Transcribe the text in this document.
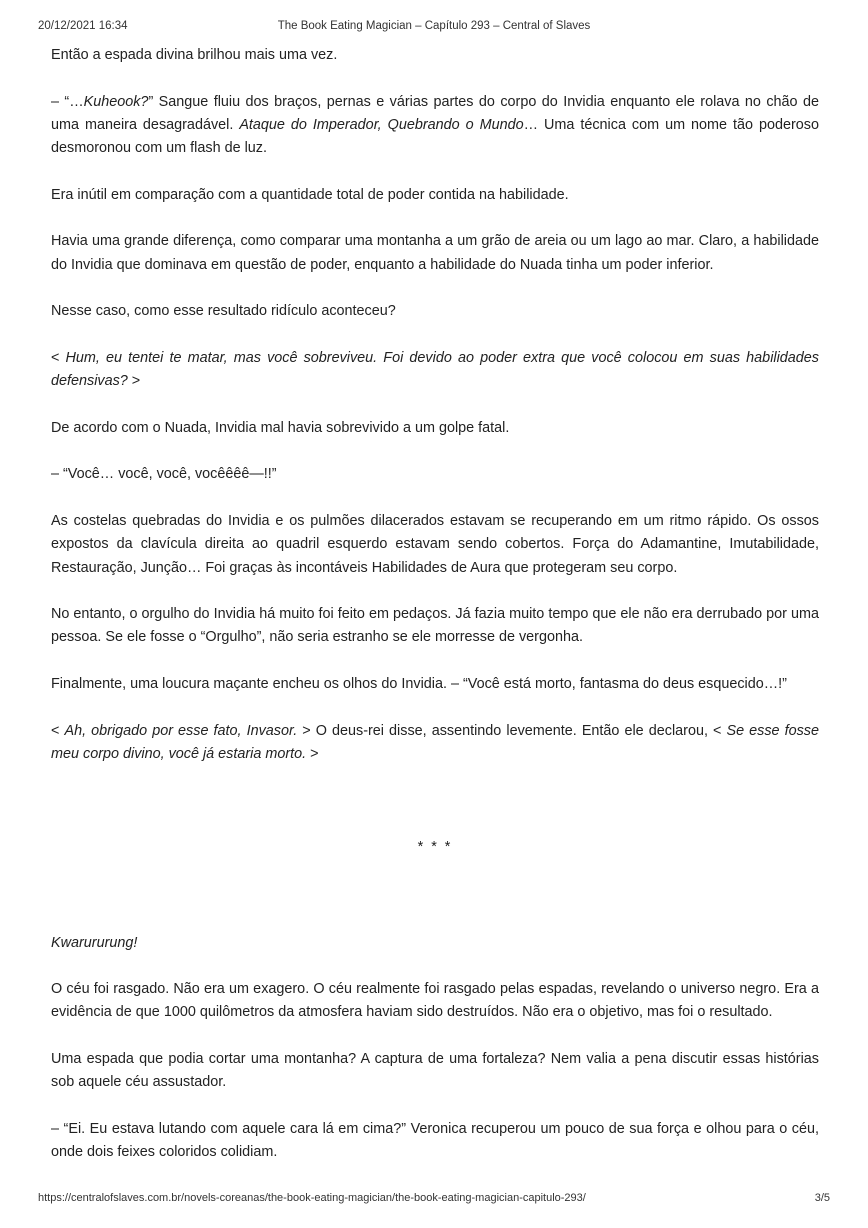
20/12/2021 16:34	The Book Eating Magician – Capítulo 293 – Central of Slaves

Então a espada divina brilhou mais uma vez.

– “…Kuheook?” Sangue fluiu dos braços, pernas e várias partes do corpo do Invidia enquanto ele rolava no chão de uma maneira desagradável. Ataque do Imperador, Quebrando o Mundo… Uma técnica com um nome tão poderoso desmoronou com um flash de luz.

Era inútil em comparação com a quantidade total de poder contida na habilidade.

Havia uma grande diferença, como comparar uma montanha a um grão de areia ou um lago ao mar. Claro, a habilidade do Invidia que dominava em questão de poder, enquanto a habilidade do Nuada tinha um poder inferior.

Nesse caso, como esse resultado ridículo aconteceu?

< Hum, eu tentei te matar, mas você sobreviveu. Foi devido ao poder extra que você colocou em suas habilidades defensivas? >

De acordo com o Nuada, Invidia mal havia sobrevivido a um golpe fatal.

– “Você… você, você, vocêêêê—!!”

As costelas quebradas do Invidia e os pulmões dilacerados estavam se recuperando em um ritmo rápido. Os ossos expostos da clavícula direita ao quadril esquerdo estavam sendo cobertos. Força do Adamantine, Imutabilidade, Restauração, Junção… Foi graças às incontáveis Habilidades de Aura que protegeram seu corpo.

No entanto, o orgulho do Invidia há muito foi feito em pedaços. Já fazia muito tempo que ele não era derrubado por uma pessoa. Se ele fosse o “Orgulho”, não seria estranho se ele morresse de vergonha.

Finalmente, uma loucura maçante encheu os olhos do Invidia. – “Você está morto, fantasma do deus esquecido…!”

< Ah, obrigado por esse fato, Invasor. > O deus-rei disse, assentindo levemente. Então ele declarou, < Se esse fosse meu corpo divino, você já estaria morto. >

* * *

Kwarururung!

O céu foi rasgado. Não era um exagero. O céu realmente foi rasgado pelas espadas, revelando o universo negro. Era a evidência de que 1000 quilômetros da atmosfera haviam sido destruídos. Não era o objetivo, mas foi o resultado.

Uma espada que podia cortar uma montanha? A captura de uma fortaleza? Nem valia a pena discutir essas histórias sob aquele céu assustador.

– “Ei. Eu estava lutando com aquele cara lá em cima?” Veronica recuperou um pouco de sua força e olhou para o céu, onde dois feixes coloridos colidiam.

https://centralofslaves.com.br/novels-coreanas/the-book-eating-magician/the-book-eating-magician-capitulo-293/	3/5
